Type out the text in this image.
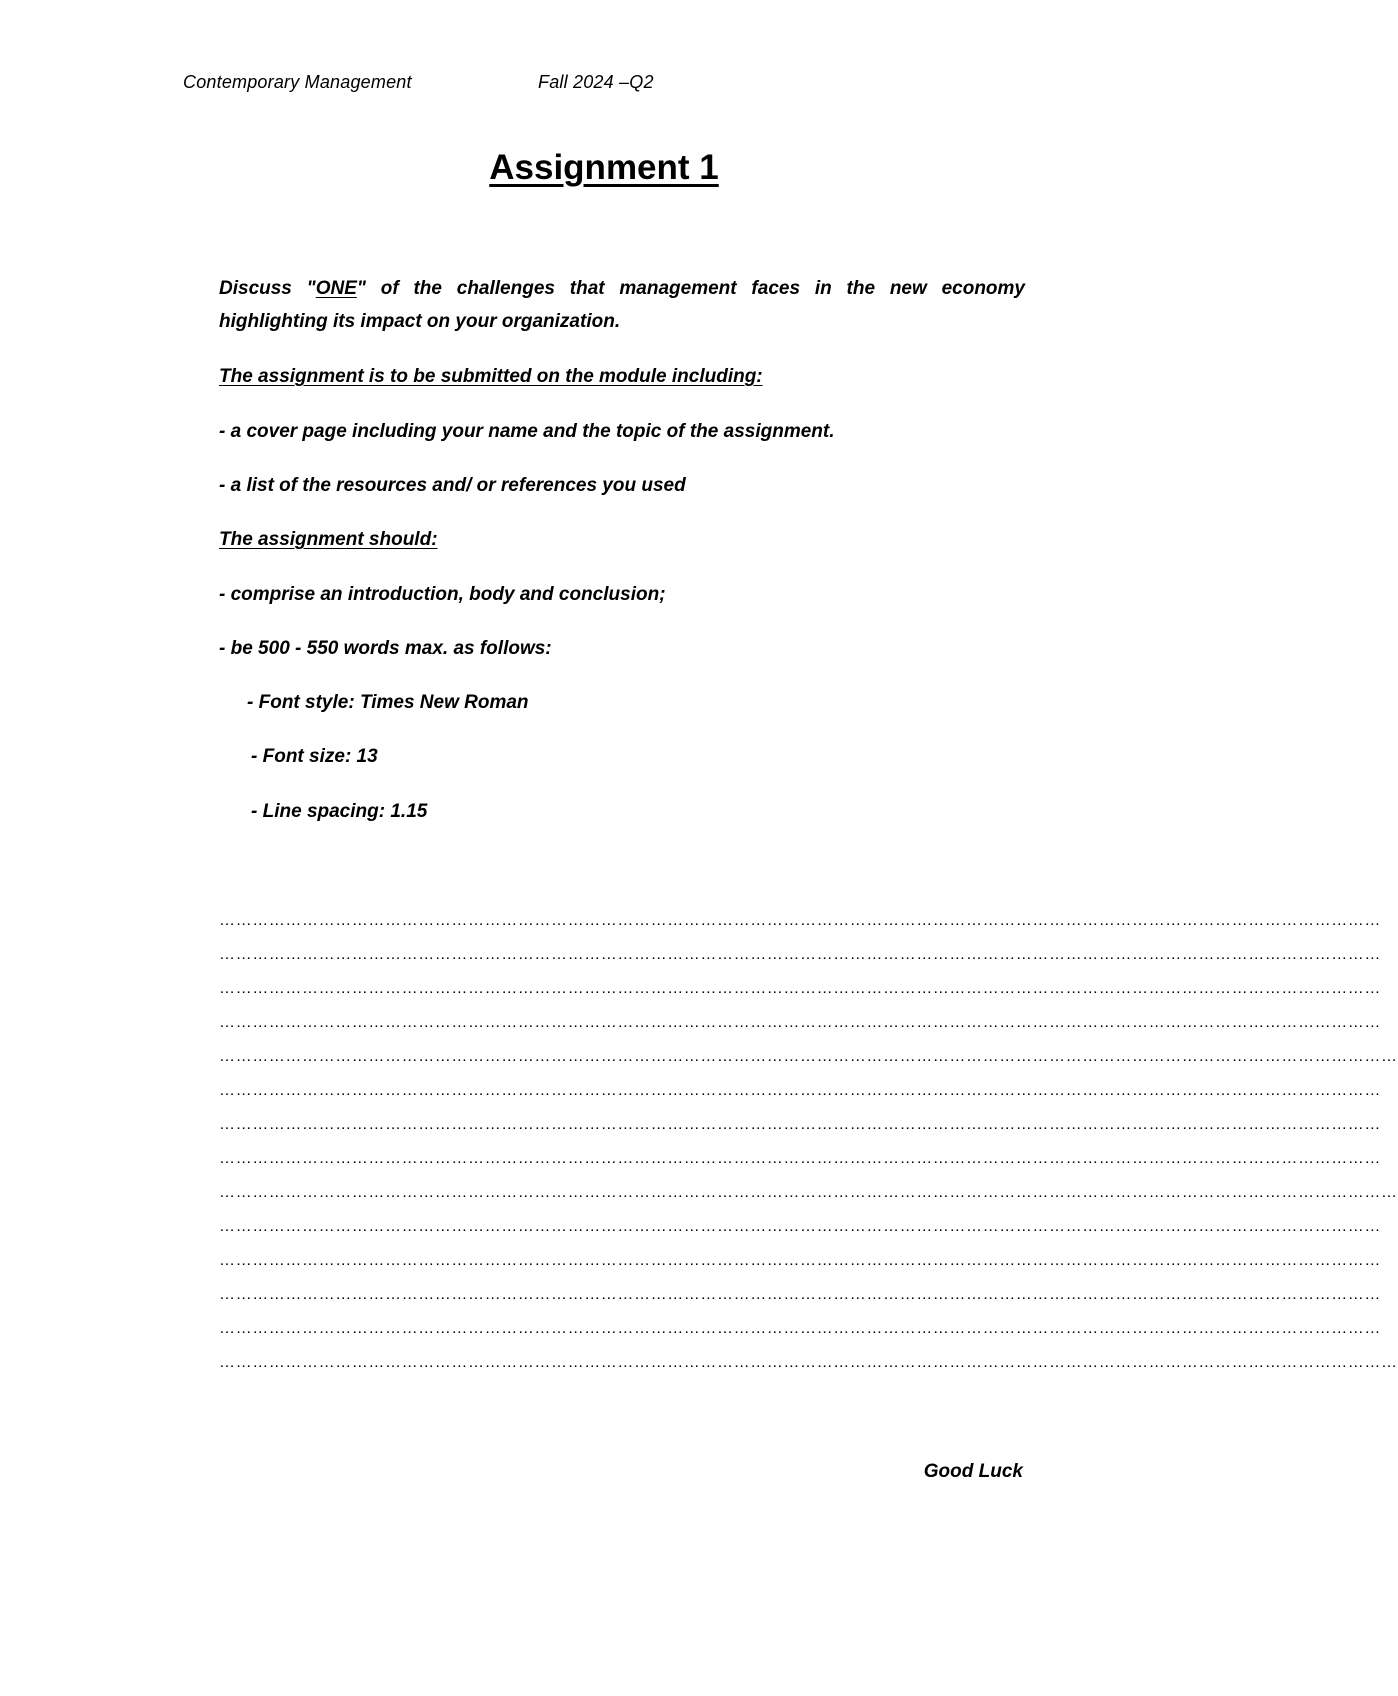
Contemporary Management	Fall 2024 –Q2
Assignment 1
Discuss "ONE" of the challenges that management faces in the new economy highlighting its impact on your organization.
The assignment is to be submitted on the module including:
- a cover page including your name and the topic of the assignment.
- a list of the resources and/ or references you used
The assignment should:
- comprise an introduction, body and conclusion;
- be 500 - 550 words max. as follows:
- Font style: Times New Roman
- Font size: 13
- Line spacing: 1.15
…………………………………………………………………………………………………………………………………………………………………………………………
…………………………………………………………………………………………………………………………………………………………………………………………
…………………………………………………………………………………………………………………………………………………………………………………………
…………………………………………………………………………………………………………………………………………………………………………………………
……………………………………………………………………………………………………………………………………………………………………………………………
…………………………………………………………………………………………………………………………………………………………………………………………
…………………………………………………………………………………………………………………………………………………………………………………………
…………………………………………………………………………………………………………………………………………………………………………………………
……………………………………………………………………………………………………………………………………………………………………………………………
…………………………………………………………………………………………………………………………………………………………………………………………
…………………………………………………………………………………………………………………………………………………………………………………………
…………………………………………………………………………………………………………………………………………………………………………………………
…………………………………………………………………………………………………………………………………………………………………………………………
……………………………………………………………………………………………………………………………………………………………………………………………
Good Luck
